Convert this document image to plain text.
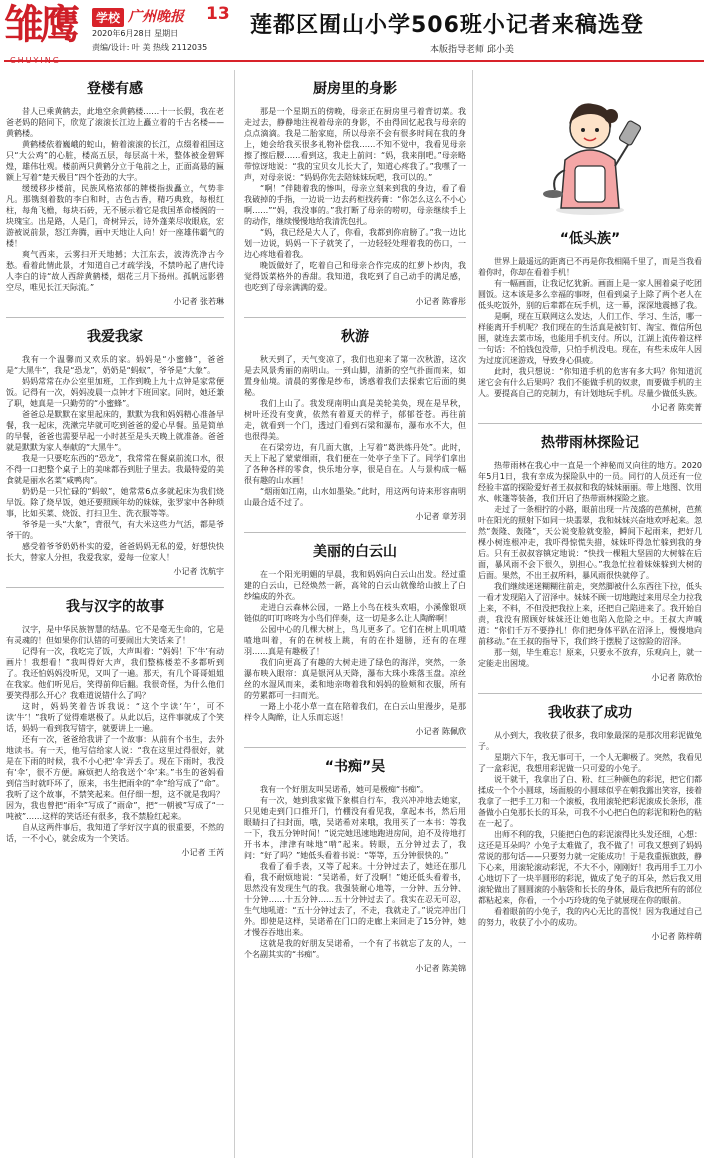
雏鹰	学校 广州晚报 13
2020年6月28日 星期日
责编/设计: 叶 美 热线 2112035
莲都区囿山小学506班小记者来稿选登
本版指导老师 邱小美
登楼有感

昔人已乘黄鹤去，此地空余黄鹤楼……十一长假，我在老爸老妈的陪同下，欣览了滚滚长江边上矗立着的千古名楼——黄鹤楼。

黄鹤楼依着巍峨的蛇山，俯着滚滚的长江，点缀着祖国这只“大公鸡”的心脏，楼高五层，每层高十米，整体被金碧辉煌，雄伟壮观。楼前两只黄鹤分立于龟前之上，正面高悬的匾额上写着“楚天极目”四个苍劲的大字。

缓缓移步楼前，民族风格浓郁的牌楼指拔矗立，气势非凡。那镌刻着数的李白和时，古色古香，精巧典致，每根红柱，每角飞檐，每块石砖，无不展示着它是我国革命楼阁的一块瑰宝。出是路，人是门，奇树异云，诗外蓬莱尽收眼底，宏游被说前景，怒江奔腾，画中天地让人向！好一座雄伟霸气的楼！

爽气西来，云雾扫开天地撼；大江东去，波涛洗净古今愁。看着此情此景，才知道自己才疏学浅，不禁吟起了唐代诗人李白的诗“故人西辞黄鹤楼，烟花三月下扬州。孤帆远影碧空尽，唯见长江天际流。”

小记者 张若琳
我爱我家

我有一个温馨而又欢乐的家。妈妈是“小蜜蜂”，爸爸是“大黑牛”，我是“恐龙”，奶奶是“蚂蚁”，爷爷是“大象”。

妈妈常常在办公室里加班，工作到晚上九十点钟是家常便饭。记得有一次，妈妈凌晨一点钟才下班回家。同时，她还兼了职，她真是一只勤劳的“小蜜蜂”。

爸爸总是默默在家里起床的，默默为我和妈妈精心准备早餐，我一起床，洗漱完毕就可吃到爸爸的爱心早餐。虽是简单的早餐，爸爸也需要早起一小时甚至是头天晚上就准备。爸爸就是默默为家人奉献的“大黑牛”。

我是一只要吃东西的“恐龙”，我常常在餐桌前流口水，很不得一口把整个桌子上的美味都吞到肚子里去。我最特爱的美食就是丽水名菜“咸鸭肉”。

奶奶是一只忙碌的“蚂蚁”，她常常6点多就起床为我们烧早饭。除了烧早饭，她还要照顾年幼的妹妹，张罗家中各种琐事，比如买菜、烧饭、打扫卫生、洗衣服等等。

爷爷是一头“大象”，背很气，有大米这些力气活，都是爷爷干的。

感受着爷爷奶奶朴实的爱，爸爸妈妈无私的爱，好想快快长大，替家人分担，我爱我家，爱每一位家人！

小记者 沈航宇
我与汉字的故事

汉字，是中华民族智慧的结晶。它不是毫无生命的，它是有灵魂的！但如果你们认错的可要闹出大笑话来了！

记得有一次，我吃完了饭，大声叫着：“妈妈！下‘牛’有动画片！我想看！”我叫得好大声，我们整栋楼差不多都听到了。我还怕妈妈没听见，又叫了一遍。那天，有几个哥哥姐姐在我家。他们听见后，笑得前仰后翻。我很奇怪，为什么他们要笑得那么开心？我难道说错什么了吗？

这时，妈妈笑着告诉我说：“这个字读‘午’，可不读‘牛’！”我听了觉得难堪极了。从此以后，这件事就成了个笑话，妈妈一看到我写错字，就要讲上一遍。

还有一次，爸爸给我讲了一个故事：从前有个书生，去外地读书。有一天，他写信给家人说：“我在这里过得很好，就是在下雨的时候，我不小心把‘伞’弄丢了。现在下雨时，我没有‘伞’，很不方便。麻烦把人给我送个‘伞’来。”书生的爸妈看到信当时就吓坏了，原来，书生把雨伞的“伞”给写成了“命”。我听了这个故事，不禁笑起来。但仔细一想，这不就是我吗？因为，我也曾把“雨伞”写成了“雨命”，把“一朝被”写成了“一吨被”……这样的笑话还有很多，我不禁脸红起来。

自从这两件事后，我知道了学好汉字真的很重要，不然的话，一不小心，就会成为一个笑话。

小记者 王芮
厨房里的身影

那是一个星期五的傍晚，母亲正在厨房里弓着背切菜。我走过去，静静地注视着母亲的身影，不由得回忆起我与母亲的点点滴滴。我是二胎家庭，所以母亲不会有很多时间在我的身上，她会给我买很多礼物补偿我……不知不觉中，我看见母亲擦了擦后腰……看到这，我走上前问：“妈，我来削吧。”母亲略带惊讶地说：“我的宝贝女儿长大了，知道心疼我了。”我嘿了一声，对母亲说：“妈妈你先去陪妹妹玩吧，我可以的。”

“啊！”伴随着我的惨叫，母亲立刻来到我的身边，看了看我破掉的手指，一边说一边去药柜找药膏：“你怎么这么不小心啊……”“妈，我没事的。”我打断了母亲的唠叨，母亲继续手上的动作，继续慢慢地给我清洗包扎。

“妈，我已经是大人了，你看，我都到你肩膀了。”我一边比划一边说，妈妈一下子就笑了，一边轻轻处理着我的伤口，一边心疼地看着我。

晚饭做好了，吃着自己和母亲合作完成的红萝卜炒肉，我觉得饭菜格外的香甜。我知道，我吃到了自己动手的满足感，也吃到了母亲满满的爱。

小记者 陈睿彤
秋游

秋天到了，天气变凉了，我们也迎来了第一次秋游，这次是去风景秀丽的南明山。一到山脚，清新的空气扑面而来，如置身仙境。清晨的雾像是纱布，诱惑着我们去探索它后面的奥秘。

我们上山了。我发现南明山真是美轮美奂，现在是早秋，树叶还没有变黄，依然有着夏天的样子，郁郁苍苍。再往前走，就看到一个门，透过门看到石梁和瀑布，瀑布水不大，但也很得美。

在石梁旁边，有几面大旗，上写着“葛洪炼丹处”。此时，天上下起了蒙蒙细雨，我们便在一处亭子坐下了。同学们拿出了各种各样的零食，快乐地分享，很是自在。人与景构成一幅很有趣的山水画！

“烟雨如江南，山水如墨染。”此时，用这两句诗来形容南明山最合适不过了。

小记者 章芳羽
美丽的白云山

在一个阳光明媚的早晨，我和妈妈向白云山出发。经过重建的白云山，已经焕然一新，高耸的白云山就像给山披上了白纱编成的外衣。

走进白云森林公园，一路上小鸟在枝头欢唱，小溪像银项链似的叮叮咚咚为小鸟们伴奏，这一切是多么让人陶醉啊！

公园中心的几棵大树上，鸟儿更多了。它们在树上叽叽喳喳地叫着，有的在树枝上跳，有的在扑翅膀，还有的在理羽……真是有趣极了！

我们向更高了有趣的大树走进了绿色的海洋，突然，一条瀑布映入眼帘：真是银河从天降，瀑布大珠小珠落玉盘。凉丝丝的水湿风而来，柔和地亲吻着我和妈妈的脸颊和衣服，所有的劳累都可一扫而光。

一路上小花小草一直在陪着我们，在白云山里漫步，是那样令人陶醉，让人乐而忘返！

小记者 陈佩欣
“书痴”吴

我有一个好朋友叫吴诺希，她可是极痴“书痴”。

有一次，她到我家做下象棋自行车，我兴冲冲地去她家，只见她走到门口推开门，竹棚没有看见我，拿起本书，然后用眼睛扫了扫封面，哦，吴诺希对来哦，我用买了一本书：等我一下，我五分钟时间！”说完她迅速地跑进房间，迫不及待地打开书本，津津有味地“啃”起来。转眼，五分钟过去了，我问：“好了吗？”她低头看着书说：“等等，五分钟很快的。”

我看了看手表，又等了起来。十分钟过去了，她还在那几看，我不耐烦地说：“吴诺希，好了没啊！”她还低头看着书，思然没有发现生气的我。我强装耐心地等，一分钟、五分钟、十分钟……十五分钟……五十分钟过去了。我实在忍无可忍，生气地吼道：“五十分钟过去了，不走，我就走了。”说完冲出门外。即使是这样，吴诺希在门口的走廊上来回走了15分钟，她才慢吞吞地出来。

这就是我的好朋友吴诺希，一个有了书就忘了友的人，一个名副其实的“书痴”。

小记者 陈美锦
“低头族”

世界上最遥远的距离已不再是你我相隔千里了，而是当我看着你时，你却在看着手机！

有一幅画面，让我记忆犹新。画面上是一家人围着桌子吃团圆饭。这本该是多么幸福的事呀，但看到桌子上除了两个老人在低头吃饭外，别的后辈都在玩手机，这一幕，深深地震撼了我。

是啊，现在互联网这么发达，人们工作、学习、生活，哪一样能离开手机呢？我们现在的生活真是被钉钉、淘宝、微信所包围，就连去菜市场，也能用手机支付。所以，江湖上流传着这样一句话：不怕钱包没带，只怕手机没电。现在，有些未成年人因为过度沉迷游戏，导致身心俱疲。

此时，我只想说：“你知道手机的危害有多大吗？你知道沉迷它会有什么后果吗？我们不能做手机的奴隶，而要做手机的主人。要提高自己的克制力，有计划地玩手机。尽量少做低头族。

小记者 陈奕菁
热带雨林探险记

热带雨林在我心中一直是一个神秘而又向往的地方。2020年5月1日，我有幸成为探险队中的一员。同行的人员还有一位经验丰富的探险爱好者王叔叔和我的妹妹丽丽。带上地图、饮用水、帐篷等装备，我们开启了热带雨林探险之旅。

走过了一条相拧的小路，眼前出现一片茂盛的芭蕉树，芭蕉叶在阳光的照射下如同一块翡翠，我和妹妹兴奋地欢呼起来。忽然“轰隆、轰隆”，天公说变脸就变脸，瞬间下起雨来，把好几棵小树连根冲走，我吓得惊慌失措，妹妹吓得急忙躲到我的身后。只有王叔叔容镇定地说：“快找一棵粗大坚固的大树躲在后面，暴风雨不会下很久，别担心。”我急忙拉着妹妹躲到大树的后面。果然，不出王叔所料，暴风雨很快就停了。

我们继续迷迷糊糊往前走，突然脚被什么东西往下拉，低头一看才发现陷入了沼泽中。妹妹不顾一切地跑过来用尽全力拉我上来，不料，不但没把我拉上来，还把自己陷进来了。我开始自责，我没有照顾好妹妹还让她也陷入危险之中。王叔大声喊道：“你们千万不要挣扎！你们把身体平趴在沼泽上，慢慢地向前移动。”在王叔的指导下，我们终于摆脱了这惊险的沼泽。

那一刻，毕生难忘！原来，只要永不放弃，乐观向上，就一定能走出困境。

小记者 陈欣怡
我收获了成功

从小到大，我收获了很多，我印象最深的是那次用彩泥做兔子。

星期六下午，我无事可干，一个人无聊极了。突然，我看见了一盒彩泥，我想用彩泥做一只可爱的小兔子。

说干就干，我拿出了白、粉、红三种颜色的彩泥，把它们都揉成一个个小圆球，场面般的小圆球似乎在朝我露出笑容，接着我拿了一把手工刀和一个滚板，我用滚轮把彩泥滚成长条形，准备做小白兔那长长的耳朵，可我不小心把白色的彩泥和粉色的粘在一起了。

出师不利的我，只能把白色的彩泥滚得比头发还细，心想：这还是耳朵吗？小兔子太难做了，我不做了！可我又想到了妈妈常说的那句话——只要努力就一定能成功！于是我重振旗鼓，静下心来，用滚轮滚动彩泥，不大不小，刚刚好！我再用手工刀小心地切下了一块半圆形的彩泥，做成了兔子的耳朵，然后我又用滚轮做出了圆圆滚的小脑袋和长长的身体，最后我把所有的部位都粘起来，你看，一个小巧玲珑的兔子就展现在你的眼前。

看着眼前的小兔子，我的内心无比的喜悦！因为我通过自己的努力，收获了小小的成功。

小记者 陈梓萌
